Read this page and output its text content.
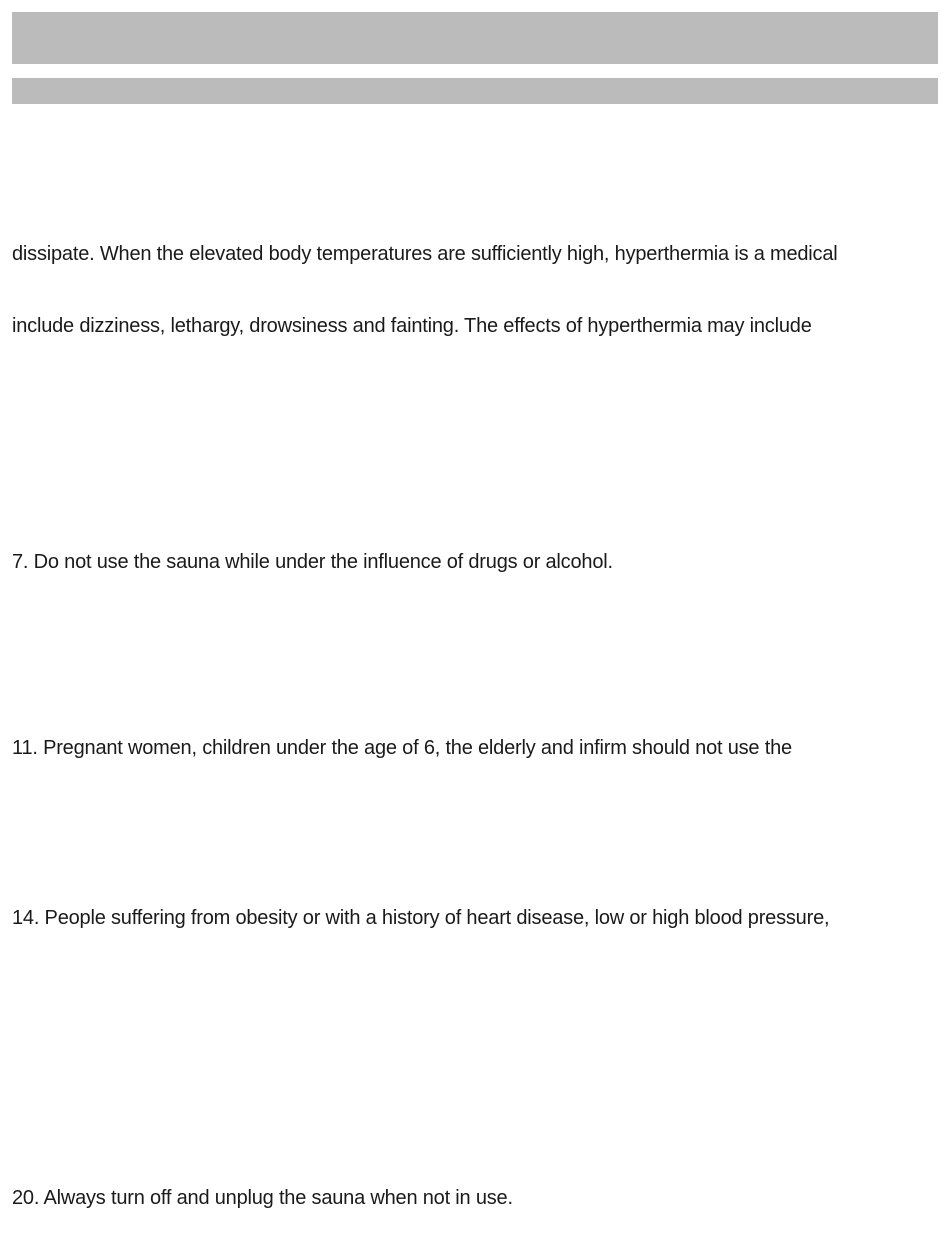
dissipate. When the elevated body temperatures are sufficiently high, hyperthermia is a medical
include dizziness, lethargy, drowsiness and fainting. The effects of hyperthermia may include
7. Do not use the sauna while under the influence of drugs or alcohol.
11. Pregnant women, children under the age of 6, the elderly and infirm should not use the
14. People suffering from obesity or with a history of heart disease, low or high blood pressure,
20. Always turn off and unplug the sauna when not in use.
